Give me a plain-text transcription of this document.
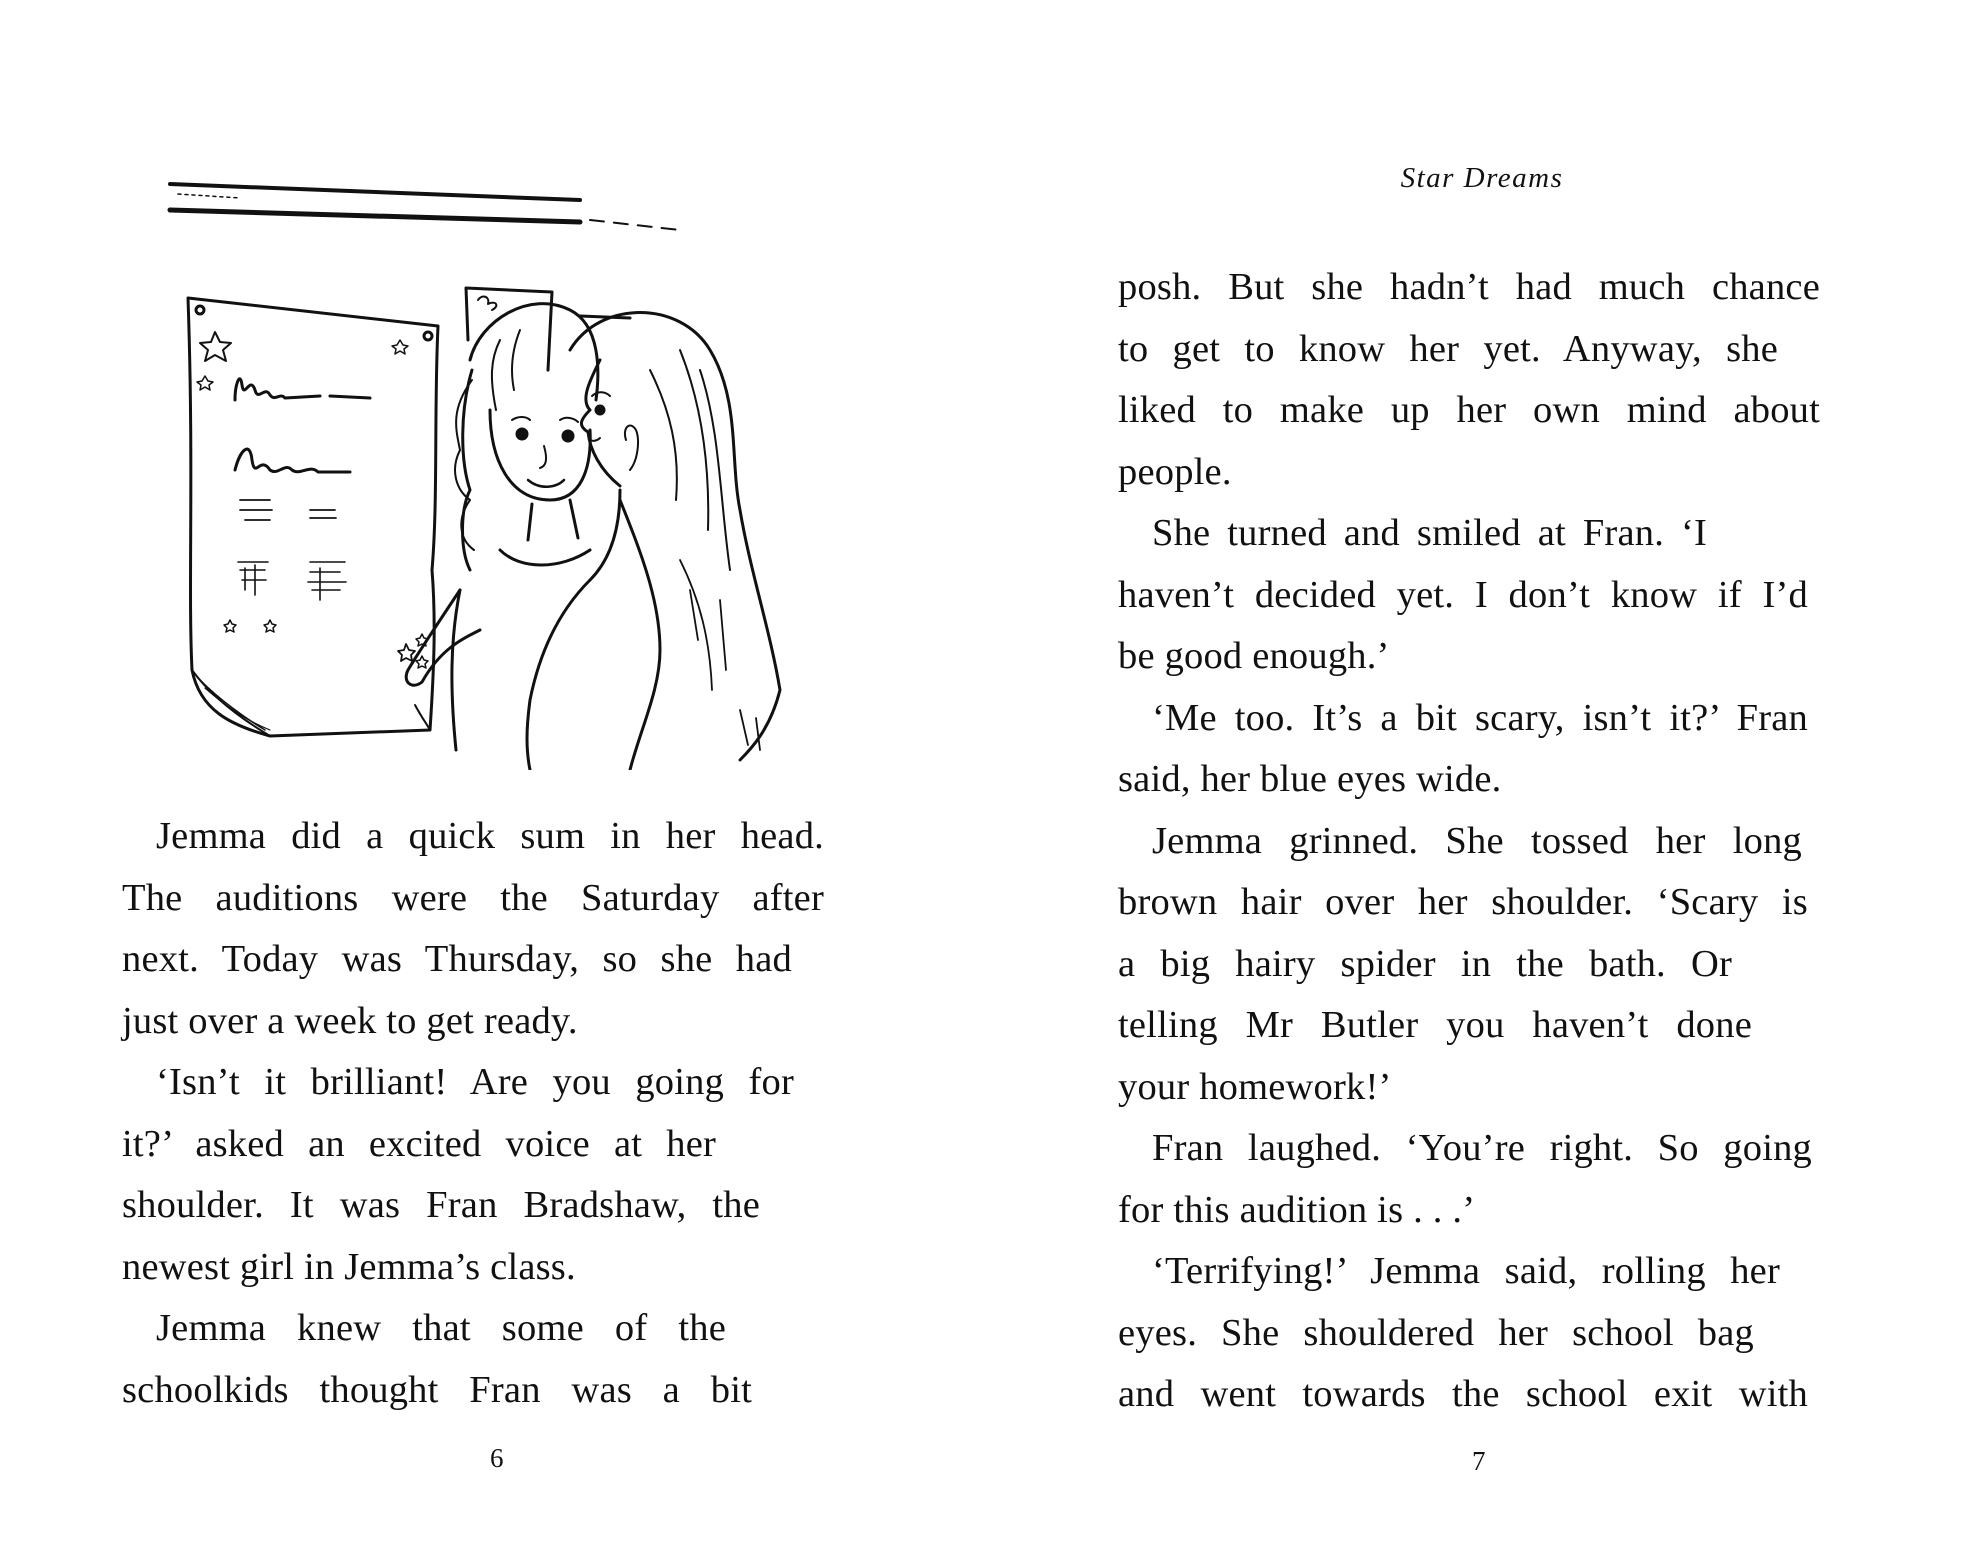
Jemma did a quick sum in her head.
The auditions were the Saturday after
next. Today was Thursday, so she had
just over a week to get ready.
‘Isn’t it brilliant! Are you going for
it?’ asked an excited voice at her
shoulder. It was Fran Bradshaw, the
newest girl in Jemma’s class.
Jemma knew that some of the
schoolkids thought Fran was a bit
6
Star Dreams
posh. But she hadn’t had much chance
to get to know her yet. Anyway, she
liked to make up her own mind about
people.
She turned and smiled at Fran. ‘I
haven’t decided yet. I don’t know if I’d
be good enough.’
‘Me too. It’s a bit scary, isn’t it?’ Fran
said, her blue eyes wide.
Jemma grinned. She tossed her long
brown hair over her shoulder. ‘Scary is
a big hairy spider in the bath. Or
telling Mr Butler you haven’t done
your homework!’
Fran laughed. ‘You’re right. So going
for this audition is . . .’
‘Terrifying!’ Jemma said, rolling her
eyes. She shouldered her school bag
and went towards the school exit with
7
